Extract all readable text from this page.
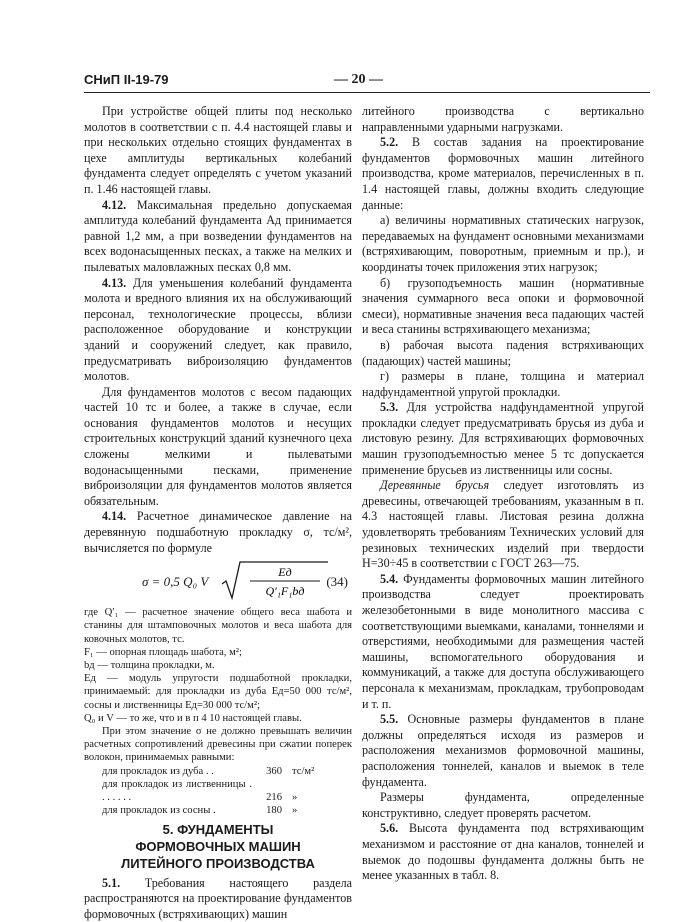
СНиП II-19-79	— 20 —

При устройстве общей плиты под несколько молотов в соответствии с п. 4.4 настоящей главы и при нескольких отдельно стоящих фундаментах в цехе амплитуды вертикальных колебаний фундамента следует определять с учетом указаний п. 1.46 настоящей главы.

4.12. Максимальная предельно допускаемая амплитуда колебаний фундамента Aд принимается равной 1,2 мм, а при возведении фундаментов на всех водонасыщенных песках, а также на мелких и пылеватых маловлажных песках 0,8 мм.

4.13. Для уменьшения колебаний фундамента молота и вредного влияния их на обслуживающий персонал, технологические процессы, вблизи расположенное оборудование и конструкции зданий и сооружений следует, как правило, предусматривать виброизоляцию фундаментов молотов.

Для фундаментов молотов с весом падающих частей 10 тс и более, а также в случае, если основания фундаментов молотов и несущих строительных конструкций зданий кузнечного цеха сложены мелкими и пылеватыми водонасыщенными песками, применение виброизоляции для фундаментов молотов является обязательным.

4.14. Расчетное динамическое давление на деревянную подшаботную прокладку σ, тс/м², вычисляется по формуле

σ = 0,5 Q₀ V
Eд
Q′₁F₁bд
(34)

где Q′₁ — расчетное значение общего веса шабота и станины для штамповочных молотов и веса шабота для ковочных молотов, тс.

F₁ — опорная площадь шабота, м²;

bд — толщина прокладки, м.

Eд — модуль упругости подшаботной прокладки, принимаемый: для прокладки из дуба Eд=50 000 тс/м², сосны и лиственницы Eд=30 000 тс/м²;

Q₀ и V — то же, что и в п 4 10 настоящей главы.

При этом значение σ не должно превышать величин расчетных сопротивлений древесины при сжатии поперек волокон, принимаемых равными:

для прокладок из дуба . .	360	тс/м²
для прокладок из лиственницы . . . . . . .	216	»
для прокладок из сосны .	180	»
5. ФУНДАМЕНТЫ
ФОРМОВОЧНЫХ МАШИН
ЛИТЕЙНОГО ПРОИЗВОДСТВА

5.1. Требования настоящего раздела распространяются на проектирование фундаментов формовочных (встряхивающих) машин

литейного производства с вертикально направленными ударными нагрузками.

5.2. В состав задания на проектирование фундаментов формовочных машин литейного производства, кроме материалов, перечисленных в п. 1.4 настоящей главы, должны входить следующие данные:

а) величины нормативных статических нагрузок, передаваемых на фундамент основными механизмами (встряхивающим, поворотным, приемным и пр.), и координаты точек приложения этих нагрузок;

б) грузоподъемность машин (нормативные значения суммарного веса опоки и формовочной смеси), нормативные значения веса падающих частей и веса станины встряхивающего механизма;

в) рабочая высота падения встряхивающих (падающих) частей машины;

г) размеры в плане, толщина и материал надфундаментной упругой прокладки.

5.3. Для устройства надфундаментной упругой прокладки следует предусматривать брусья из дуба и листовую резину. Для встряхивающих формовочных машин грузоподъемностью менее 5 тс допускается применение брусьев из лиственницы или сосны.

Деревянные брусья следует изготовлять из древесины, отвечающей требованиям, указанным в п. 4.3 настоящей главы. Листовая резина должна удовлетворять требованиям Технических условий для резиновых технических изделий при твердости H=30÷45 в соответствии с ГОСТ 263—75.

5.4. Фундаменты формовочных машин литейного производства следует проектировать железобетонными в виде монолитного массива с соответствующими выемками, каналами, тоннелями и отверстиями, необходимыми для размещения частей машины, вспомогательного оборудования и коммуникаций, а также для доступа обслуживающего персонала к механизмам, прокладкам, трубопроводам и т. п.

5.5. Основные размеры фундаментов в плане должны определяться исходя из размеров и расположения механизмов формовочной машины, расположения тоннелей, каналов и выемок в теле фундамента.

Размеры фундамента, определенные конструктивно, следует проверять расчетом.

5.6. Высота фундамента под встряхивающим механизмом и расстояние от дна каналов, тоннелей и выемок до подошвы фундамента должны быть не менее указанных в табл. 8.
